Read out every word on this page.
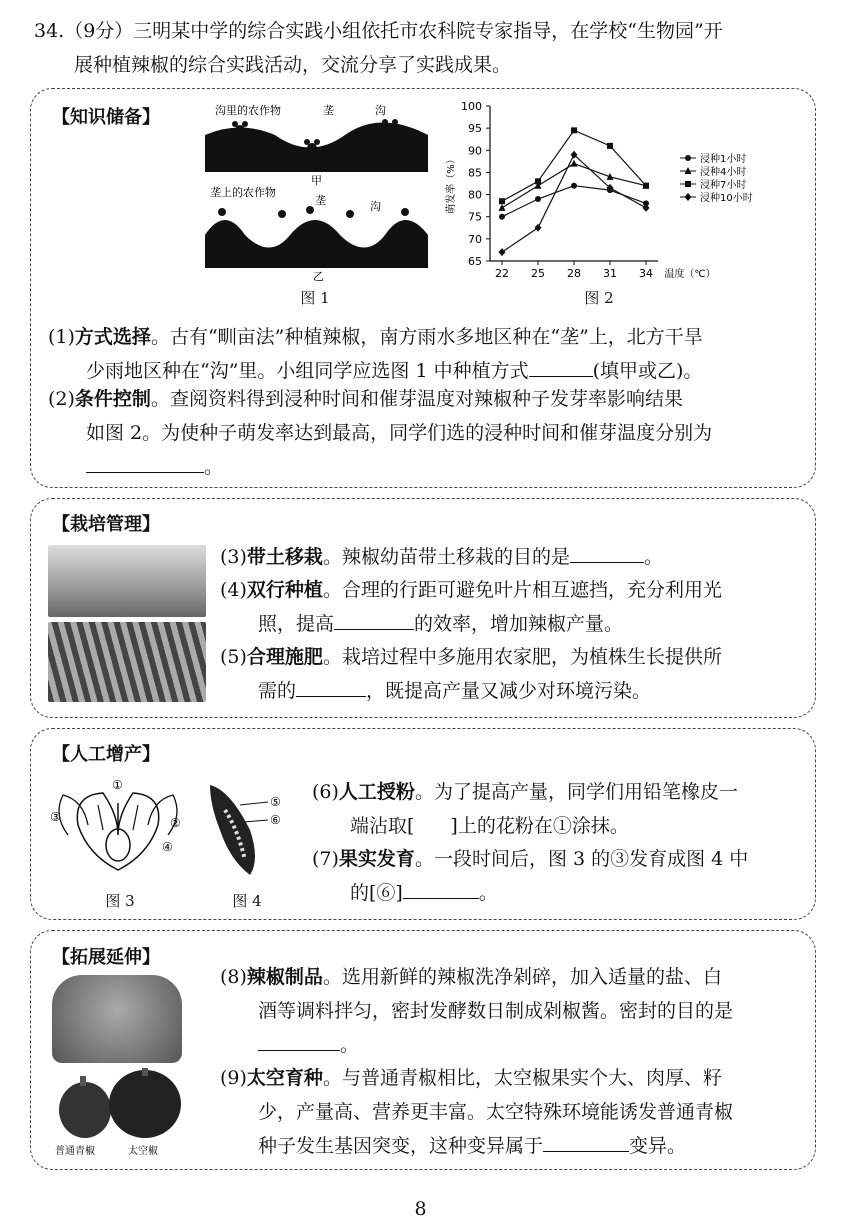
34.（9分）三明某中学的综合实践小组依托市农科院专家指导，在学校“生物园”开
展种植辣椒的综合实践活动，交流分享了实践成果。
【知识储备】	沟里的农作物	垄	沟
甲
垄上的农作物
垄	沟
乙
图 1
65
70
75
80
85
90
95
100
22 25 28 31 34
萌发率（%）
温度（℃）
浸种1小时
浸种4小时
浸种7小时
浸种10小时
图 2
(1)方式选择。古有“甽亩法”种植辣椒，南方雨水多地区种在“垄”上，北方干旱
少雨地区种在“沟”里。小组同学应选图 1 中种植方式	(填甲或乙)。
(2)条件控制。查阅资料得到浸种时间和催芽温度对辣椒种子发芽率影响结果
如图 2。为使种子萌发率达到最高，同学们选的浸种时间和催芽温度分别为
。
【栽培管理】
(3)带土移栽。辣椒幼苗带土移栽的目的是	。
(4)双行种植。合理的行距可避免叶片相互遮挡，充分利用光
照，提高	的效率，增加辣椒产量。
(5)合理施肥。栽培过程中多施用农家肥，为植株生长提供所
需的	，既提高产量又减少对环境污染。
【人工增产】
①
②
③
④
图 3
⑤
⑥
图 4
(6)人工授粉。为了提高产量，同学们用铅笔橡皮一
端沾取[ ]上的花粉在①涂抹。
(7)果实发育。一段时间后，图 3 的③发育成图 4 中
的[⑥]	。
【拓展延伸】
普通青椒	太空椒
(8)辣椒制品。选用新鲜的辣椒洗净剁碎，加入适量的盐、白
酒等调料拌匀，密封发酵数日制成剁椒酱。密封的目的是
。
(9)太空育种。与普通青椒相比，太空椒果实个大、肉厚、籽
少，产量高、营养更丰富。太空特殊环境能诱发普通青椒
种子发生基因突变，这种变异属于	变异。
8
